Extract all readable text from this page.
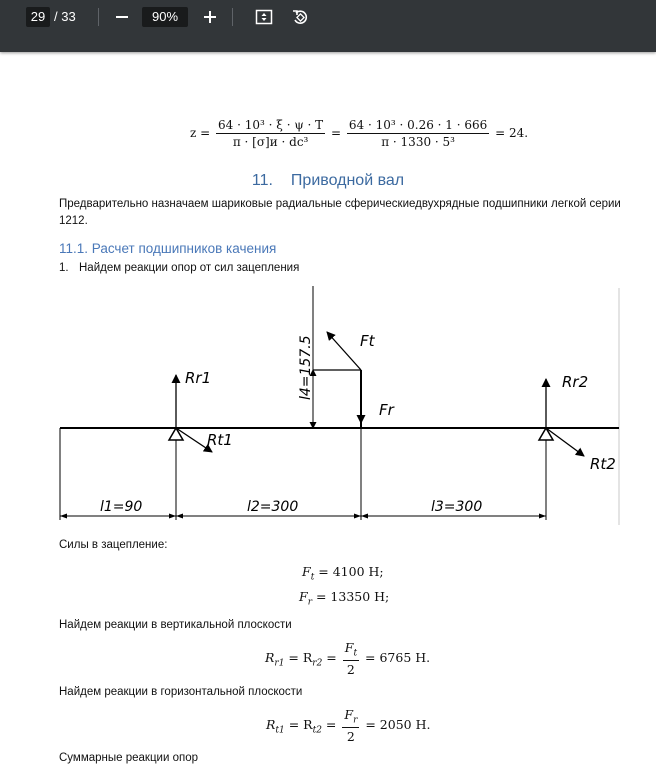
29 / 33	90%
$z = \frac{\text{64 · 10³ · ξ · ψ · T}}{\text{π · [σ]и · dc³}} = \frac{\text{64 · 10³ · 0.26 · 1 · 666}}{\text{π · 1330 · 5³}} = 24$.
11. Приводной вал
Предварительно назначаем шариковые радиальные сферическиедвухрядные подшипники легкой серии 1212.
11.1. Расчет подшипников качения
1. Найдем реакции опор от сил зацепления
Rr1
Rt1
Rr2
Rt2
Fr
Ft
l4=157.5
l1=90	l2=300	l3=300
Силы в зацепление:
$F_t = 4100$ Н;
$F_r = 13350$ Н;
Найдем реакции в вертикальной плоскости
$R_{r1} = R_{r2} = \frac{F_t}{2} = 6765$ Н.
Найдем реакции в горизонтальной плоскости
$R_{t1} = R_{t2} = \frac{F_r}{2} = 2050$ Н.
Суммарные реакции опор
